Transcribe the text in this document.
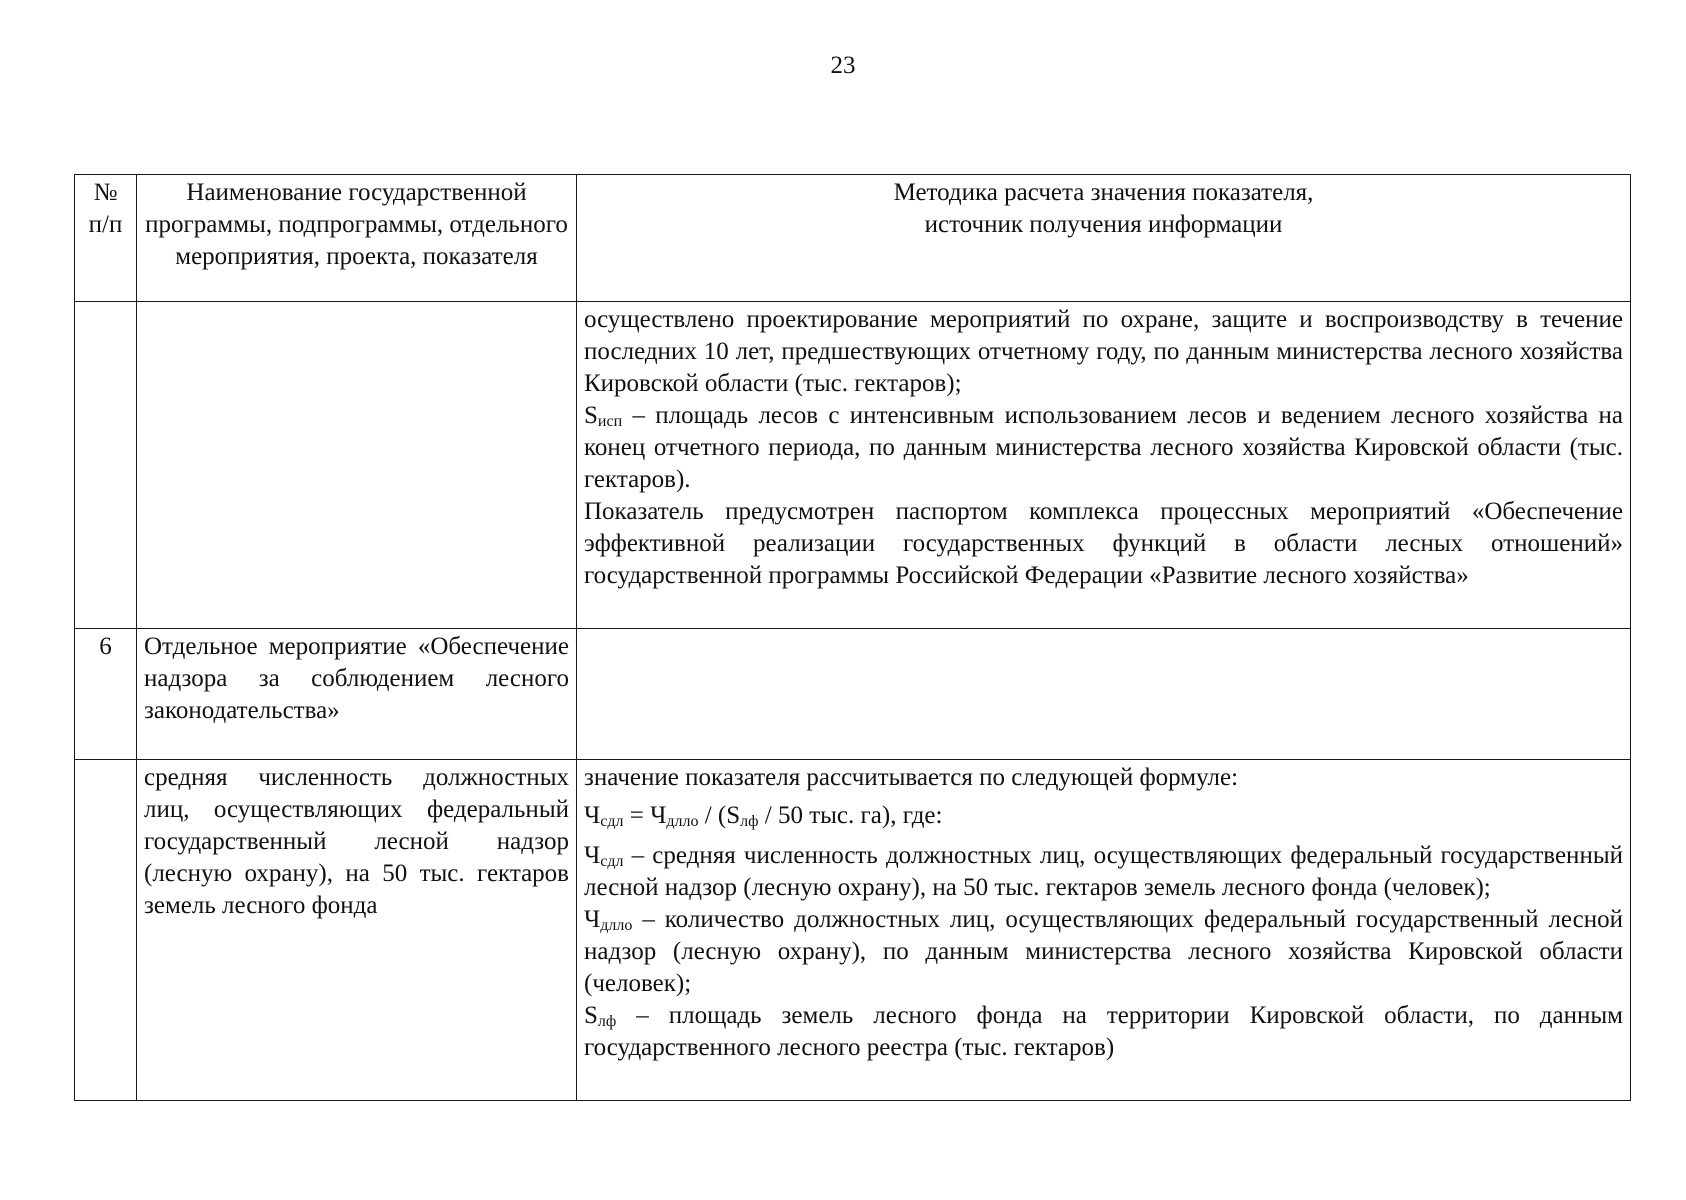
23
№ п/п	Наименование государственной программы, подпрограммы, отдельного мероприятия, проекта, показателя	Методика расчета значения показателя,
источник получения информации

		осуществлено проектирование мероприятий по охране, защите и воспроизводству в течение последних 10 лет, предшествующих отчетному году, по данным министерства лесного хозяйства Кировской области (тыс. гектаров);
$S_{исп}$ – площадь лесов с интенсивным использованием лесов и ведением лесного хозяйства на конец отчетного периода, по данным министерства лесного хозяйства Кировской области (тыс. гектаров).
Показатель предусмотрен паспортом комплекса процессных мероприятий «Обеспечение эффективной реализации государственных функций в области лесных отношений» государственной программы Российской Федерации «Развитие лесного хозяйства»

6	Отдельное мероприятие «Обеспечение надзора за соблюдением лесного законодательства»	
	средняя численность должностных лиц, осуществляющих федеральный государственный лесной надзор (лесную охрану), на 50 тыс. гектаров земель лесного фонда	значение показателя рассчитывается по следующей формуле:
$Ч_{сдл} = Ч_{дллo} / (S_{лф} / 50$ тыс. га), где:
$Ч_{сдл}$ – средняя численность должностных лиц, осуществляющих федеральный государственный лесной надзор (лесную охрану), на 50 тыс. гектаров земель лесного фонда (человек);
$Ч_{дллo}$ – количество должностных лиц, осуществляющих федеральный государственный лесной надзор (лесную охрану), по данным министерства лесного хозяйства Кировской области (человек);
$S_{лф}$ – площадь земель лесного фонда на территории Кировской области, по данным государственного лесного реестра (тыс. гектаров)
